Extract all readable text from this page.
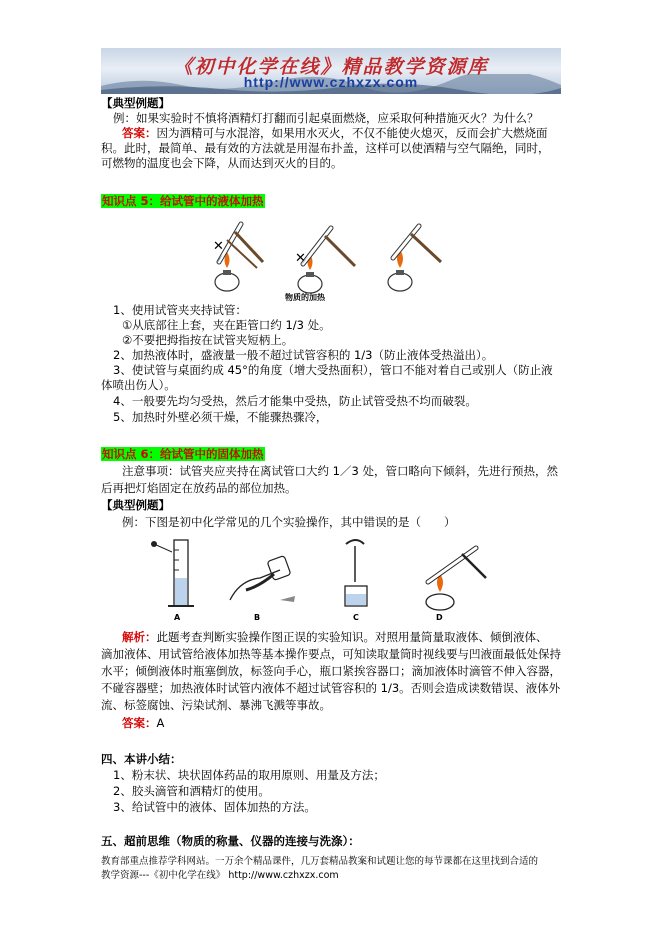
《初中化学在线》精品教学资源库
http://www.czhxzx.com
【典型例题】
例：如果实验时不慎将酒精灯打翻而引起桌面燃烧，应采取何种措施灭火？为什么？
答案：因为酒精可与水混溶，如果用水灭火，不仅不能使火熄灭，反而会扩大燃烧面
积。此时，最简单、最有效的方法就是用湿布扑盖，这样可以使酒精与空气隔绝，同时，
可燃物的温度也会下降，从而达到灭火的目的。
知识点 5：给试管中的液体加热
✕
✕
物质的加热
1、使用试管夹夹持试管：
①从底部往上套，夹在距管口约 1/3 处。
②不要把拇指按在试管夹短柄上。
2、加热液体时，盛液量一般不超过试管容积的 1/3（防止液体受热溢出）。
3、使试管与桌面约成 45°的角度（增大受热面积），管口不能对着自己或别人（防止液
体喷出伤人）。
4、一般要先均匀受热，然后才能集中受热，防止试管受热不均而破裂。
5、加热时外壁必须干燥，不能骤热骤冷，
知识点 6：给试管中的固体加热
注意事项：试管夹应夹持在离试管口大约 1／3 处，管口略向下倾斜，先进行预热，然
后再把灯焰固定在放药品的部位加热。
【典型例题】
例：下图是初中化学常见的几个实验操作，其中错误的是（　　）
A	B	C	D
解析：此题考查判断实验操作图正误的实验知识。对照用量筒量取液体、倾倒液体、
滴加液体、用试管给液体加热等基本操作要点，可知读取量筒时视线要与凹液面最低处保持
水平；倾倒液体时瓶塞倒放，标签向手心，瓶口紧挨容器口；滴加液体时滴管不伸入容器，
不碰容器壁；加热液体时试管内液体不超过试管容积的 1/3。否则会造成读数错误、液体外
流、标签腐蚀、污染试剂、暴沸飞溅等事故。
答案：A
四、本讲小结：
1、粉末状、块状固体药品的取用原则、用量及方法；
2、胶头滴管和酒精灯的使用。
3、给试管中的液体、固体加热的方法。
五、超前思维（物质的称量、仪器的连接与洗涤）：
教育部重点推荐学科网站。一万余个精品课件，几万套精品教案和试题让您的每节课都在这里找到合适的
教学资源---《初中化学在线》 http://www.czhxzx.com
